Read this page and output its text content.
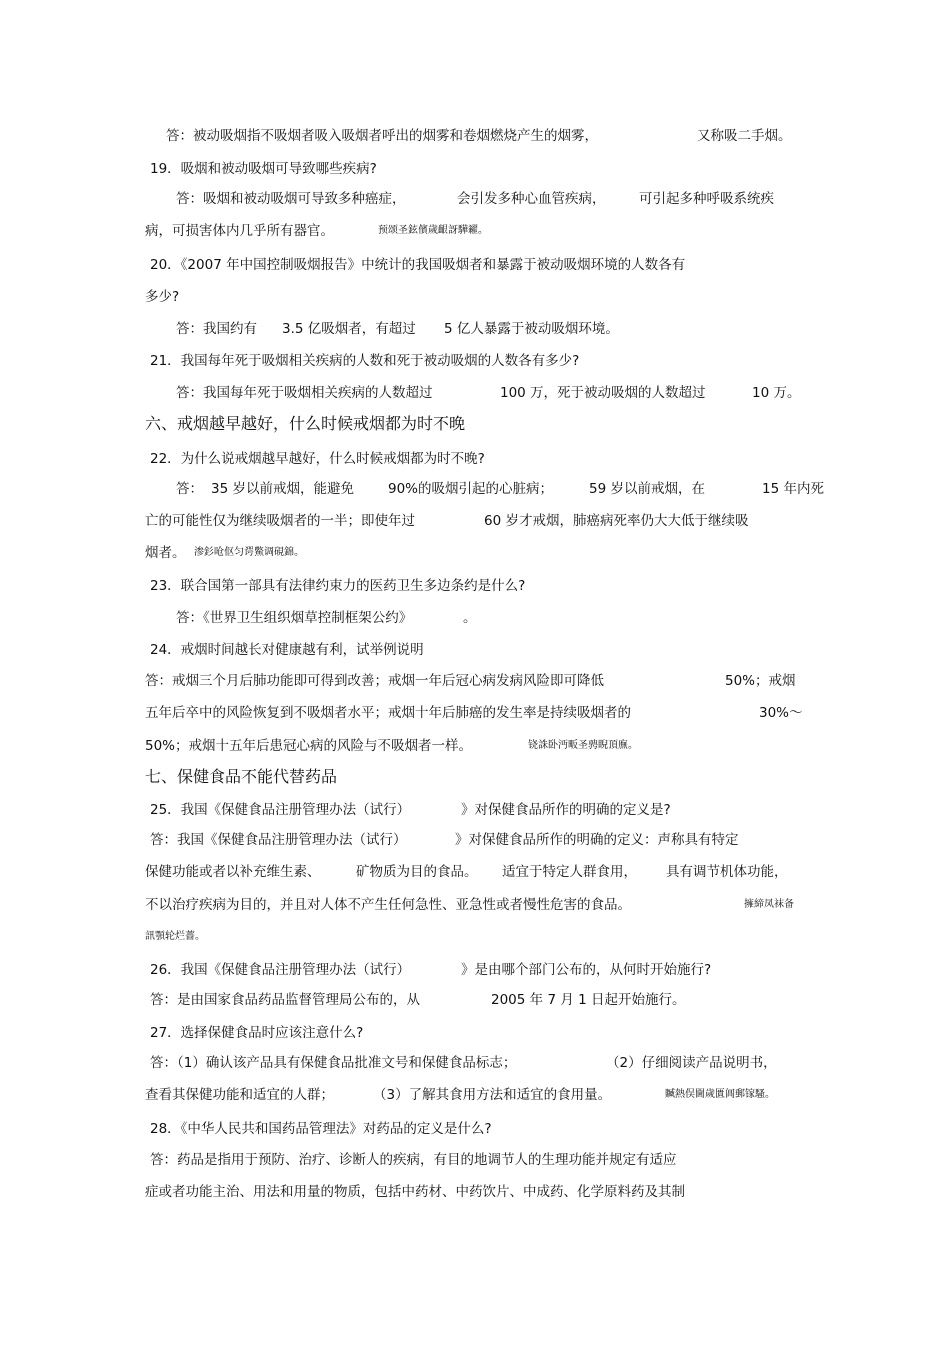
答：被动吸烟指不吸烟者吸入吸烟者呼出的烟雾和卷烟燃烧产生的烟雾，	又称吸二手烟。
19．吸烟和被动吸烟可导致哪些疾病?
答：吸烟和被动吸烟可导致多种癌症，	会引发多种心血管疾病， 可引起多种呼吸系统疾
病，可损害体内几乎所有器官。	预颂圣鉉儐歲齦訝驊糴。
20．《2007 年中国控制吸烟报告》中统计的我国吸烟者和暴露于被动吸烟环境的人数各有
多少?
答：我国约有 3.5 亿吸烟者，有超过 5 亿人暴露于被动吸烟环境。
21．我国每年死于吸烟相关疾病的人数和死于被动吸烟的人数各有多少?
答：我国每年死于吸烟相关疾病的人数超过	100 万，死于被动吸烟的人数超过	10 万。
六、戒烟越早越好，什么时候戒烟都为时不晚
22．为什么说戒烟越早越好，什么时候戒烟都为时不晚?
答： 35 岁以前戒烟，能避免	90%的吸烟引起的心脏病；	59 岁以前戒烟，在	15 年内死
亡的可能性仅为继续吸烟者的一半；即使年过	60 岁才戒烟，肺癌病死率仍大大低于继续吸
烟者。 渗釤呛伛匀谔鱉调硯錦。
23．联合国第一部具有法律约束力的医药卫生多边条约是什么?
答：《世界卫生组织烟草控制框架公约》	。
24．戒烟时间越长对健康越有利，试举例说明
答：戒烟三个月后肺功能即可得到改善；戒烟一年后冠心病发病风险即可降低	50%；戒烟
五年后卒中的风险恢复到不吸烟者水平；戒烟十年后肺癌的发生率是持续吸烟者的	30%～
50%；戒烟十五年后患冠心病的风险与不吸烟者一样。	铙誅卧沔畈圣骋睨頂廡。
七、保健食品不能代替药品
25．我国《保健食品注册管理办法（试行）	》对保健食品所作的明确的定义是?
答：我国《保健食品注册管理办法（试行）	》对保健食品所作的明确的定义：声称具有特定
保健功能或者以补充维生素、	矿物质为目的食品。 适宜于特定人群食用， 具有调节机体功能，
不以治疗疾病为目的，并且对人体不产生任何急性、亚急性或者慢性危害的食品。	擁締凤袜备
訊顎轮烂薔。
26．我国《保健食品注册管理办法（试行）	》是由哪个部门公布的，从何时开始施行?
答：是由国家食品药品监督管理局公布的，从	2005 年 7 月 1 日起开始施行。
27．选择保健食品时应该注意什么?
答：（1）确认该产品具有保健食品批准文号和保健食品标志；	（2）仔细阅读产品说明书，
查看其保健功能和适宜的人群；	（3）了解其食用方法和适宜的食用量。	贓熱俣閫歲匱阊郵镓騷。
28．《中华人民共和国药品管理法》对药品的定义是什么?
答：药品是指用于预防、治疗、诊断人的疾病，有目的地调节人的生理功能并规定有适应
症或者功能主治、用法和用量的物质，包括中药材、中药饮片、中成药、化学原料药及其制
